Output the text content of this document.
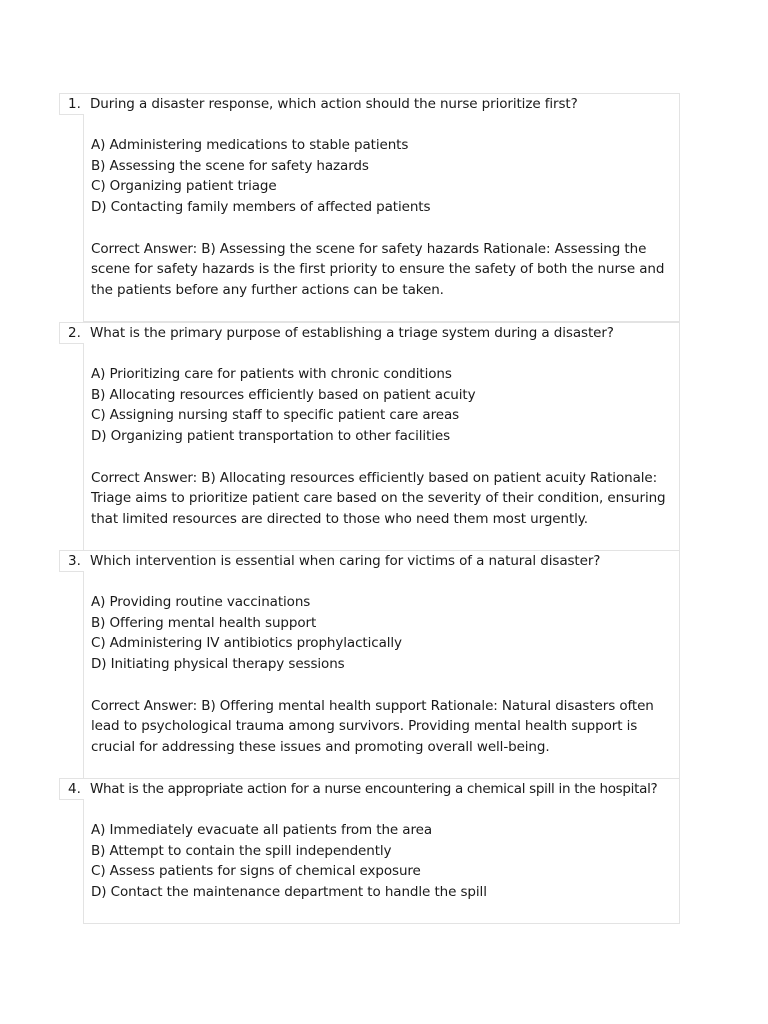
1. During a disaster response, which action should the nurse prioritize first?
A) Administering medications to stable patients
B) Assessing the scene for safety hazards
C) Organizing patient triage
D) Contacting family members of affected patients
Correct Answer: B) Assessing the scene for safety hazards Rationale: Assessing the scene for safety hazards is the first priority to ensure the safety of both the nurse and the patients before any further actions can be taken.
2. What is the primary purpose of establishing a triage system during a disaster?
A) Prioritizing care for patients with chronic conditions
B) Allocating resources efficiently based on patient acuity
C) Assigning nursing staff to specific patient care areas
D) Organizing patient transportation to other facilities
Correct Answer: B) Allocating resources efficiently based on patient acuity Rationale: Triage aims to prioritize patient care based on the severity of their condition, ensuring that limited resources are directed to those who need them most urgently.
3. Which intervention is essential when caring for victims of a natural disaster?
A) Providing routine vaccinations
B) Offering mental health support
C) Administering IV antibiotics prophylactically
D) Initiating physical therapy sessions
Correct Answer: B) Offering mental health support Rationale: Natural disasters often lead to psychological trauma among survivors. Providing mental health support is crucial for addressing these issues and promoting overall well-being.
4. What is the appropriate action for a nurse encountering a chemical spill in the hospital?
A) Immediately evacuate all patients from the area
B) Attempt to contain the spill independently
C) Assess patients for signs of chemical exposure
D) Contact the maintenance department to handle the spill
